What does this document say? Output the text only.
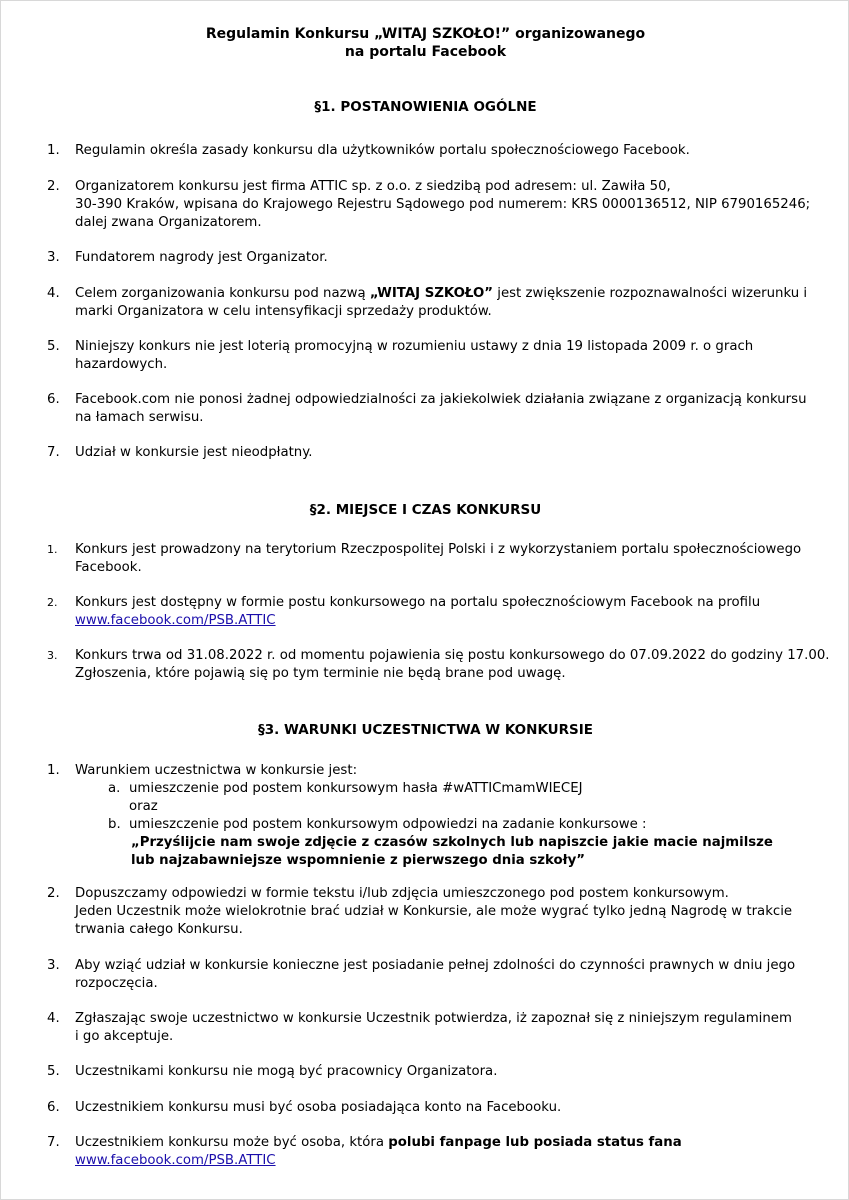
Regulamin Konkursu „WITAJ SZKOŁO!” organizowanego
na portalu Facebook
§1. POSTANOWIENIA OGÓLNE
1. Regulamin określa zasady konkursu dla użytkowników portalu społecznościowego Facebook.
2. Organizatorem konkursu jest firma ATTIC sp. z o.o. z siedzibą pod adresem: ul. Zawiła 50,
30-390 Kraków, wpisana do Krajowego Rejestru Sądowego pod numerem: KRS 0000136512, NIP 6790165246;
dalej zwana Organizatorem.
3. Fundatorem nagrody jest Organizator.
4. Celem zorganizowania konkursu pod nazwą „WITAJ SZKOŁO” jest zwiększenie rozpoznawalności wizerunku i
marki Organizatora w celu intensyfikacji sprzedaży produktów.
5. Niniejszy konkurs nie jest loterią promocyjną w rozumieniu ustawy z dnia 19 listopada 2009 r. o grach
hazardowych.
6. Facebook.com nie ponosi żadnej odpowiedzialności za jakiekolwiek działania związane z organizacją konkursu
na łamach serwisu.
7. Udział w konkursie jest nieodpłatny.
§2. MIEJSCE I CZAS KONKURSU
1. Konkurs jest prowadzony na terytorium Rzeczpospolitej Polski i z wykorzystaniem portalu społecznościowego
Facebook.
2. Konkurs jest dostępny w formie postu konkursowego na portalu społecznościowym Facebook na profilu
www.facebook.com/PSB.ATTIC
3. Konkurs trwa od 31.08.2022 r. od momentu pojawienia się postu konkursowego do 07.09.2022 do godziny 17.00.
Zgłoszenia, które pojawią się po tym terminie nie będą brane pod uwagę.
§3. WARUNKI UCZESTNICTWA W KONKURSIE
1. Warunkiem uczestnictwa w konkursie jest:
a. umieszczenie pod postem konkursowym hasła #wATTICmamWIECEJ
oraz
b. umieszczenie pod postem konkursowym odpowiedzi na zadanie konkursowe :
„Przyślijcie nam swoje zdjęcie z czasów szkolnych lub napiszcie jakie macie najmilsze
lub najzabawniejsze wspomnienie z pierwszego dnia szkoły”
2. Dopuszczamy odpowiedzi w formie tekstu i/lub zdjęcia umieszczonego pod postem konkursowym.
Jeden Uczestnik może wielokrotnie brać udział w Konkursie, ale może wygrać tylko jedną Nagrodę w trakcie
trwania całego Konkursu.
3. Aby wziąć udział w konkursie konieczne jest posiadanie pełnej zdolności do czynności prawnych w dniu jego
rozpoczęcia.
4. Zgłaszając swoje uczestnictwo w konkursie Uczestnik potwierdza, iż zapoznał się z niniejszym regulaminem
i go akceptuje.
5. Uczestnikami konkursu nie mogą być pracownicy Organizatora.
6. Uczestnikiem konkursu musi być osoba posiadająca konto na Facebooku.
7. Uczestnikiem konkursu może być osoba, która polubi fanpage lub posiada status fana
www.facebook.com/PSB.ATTIC
